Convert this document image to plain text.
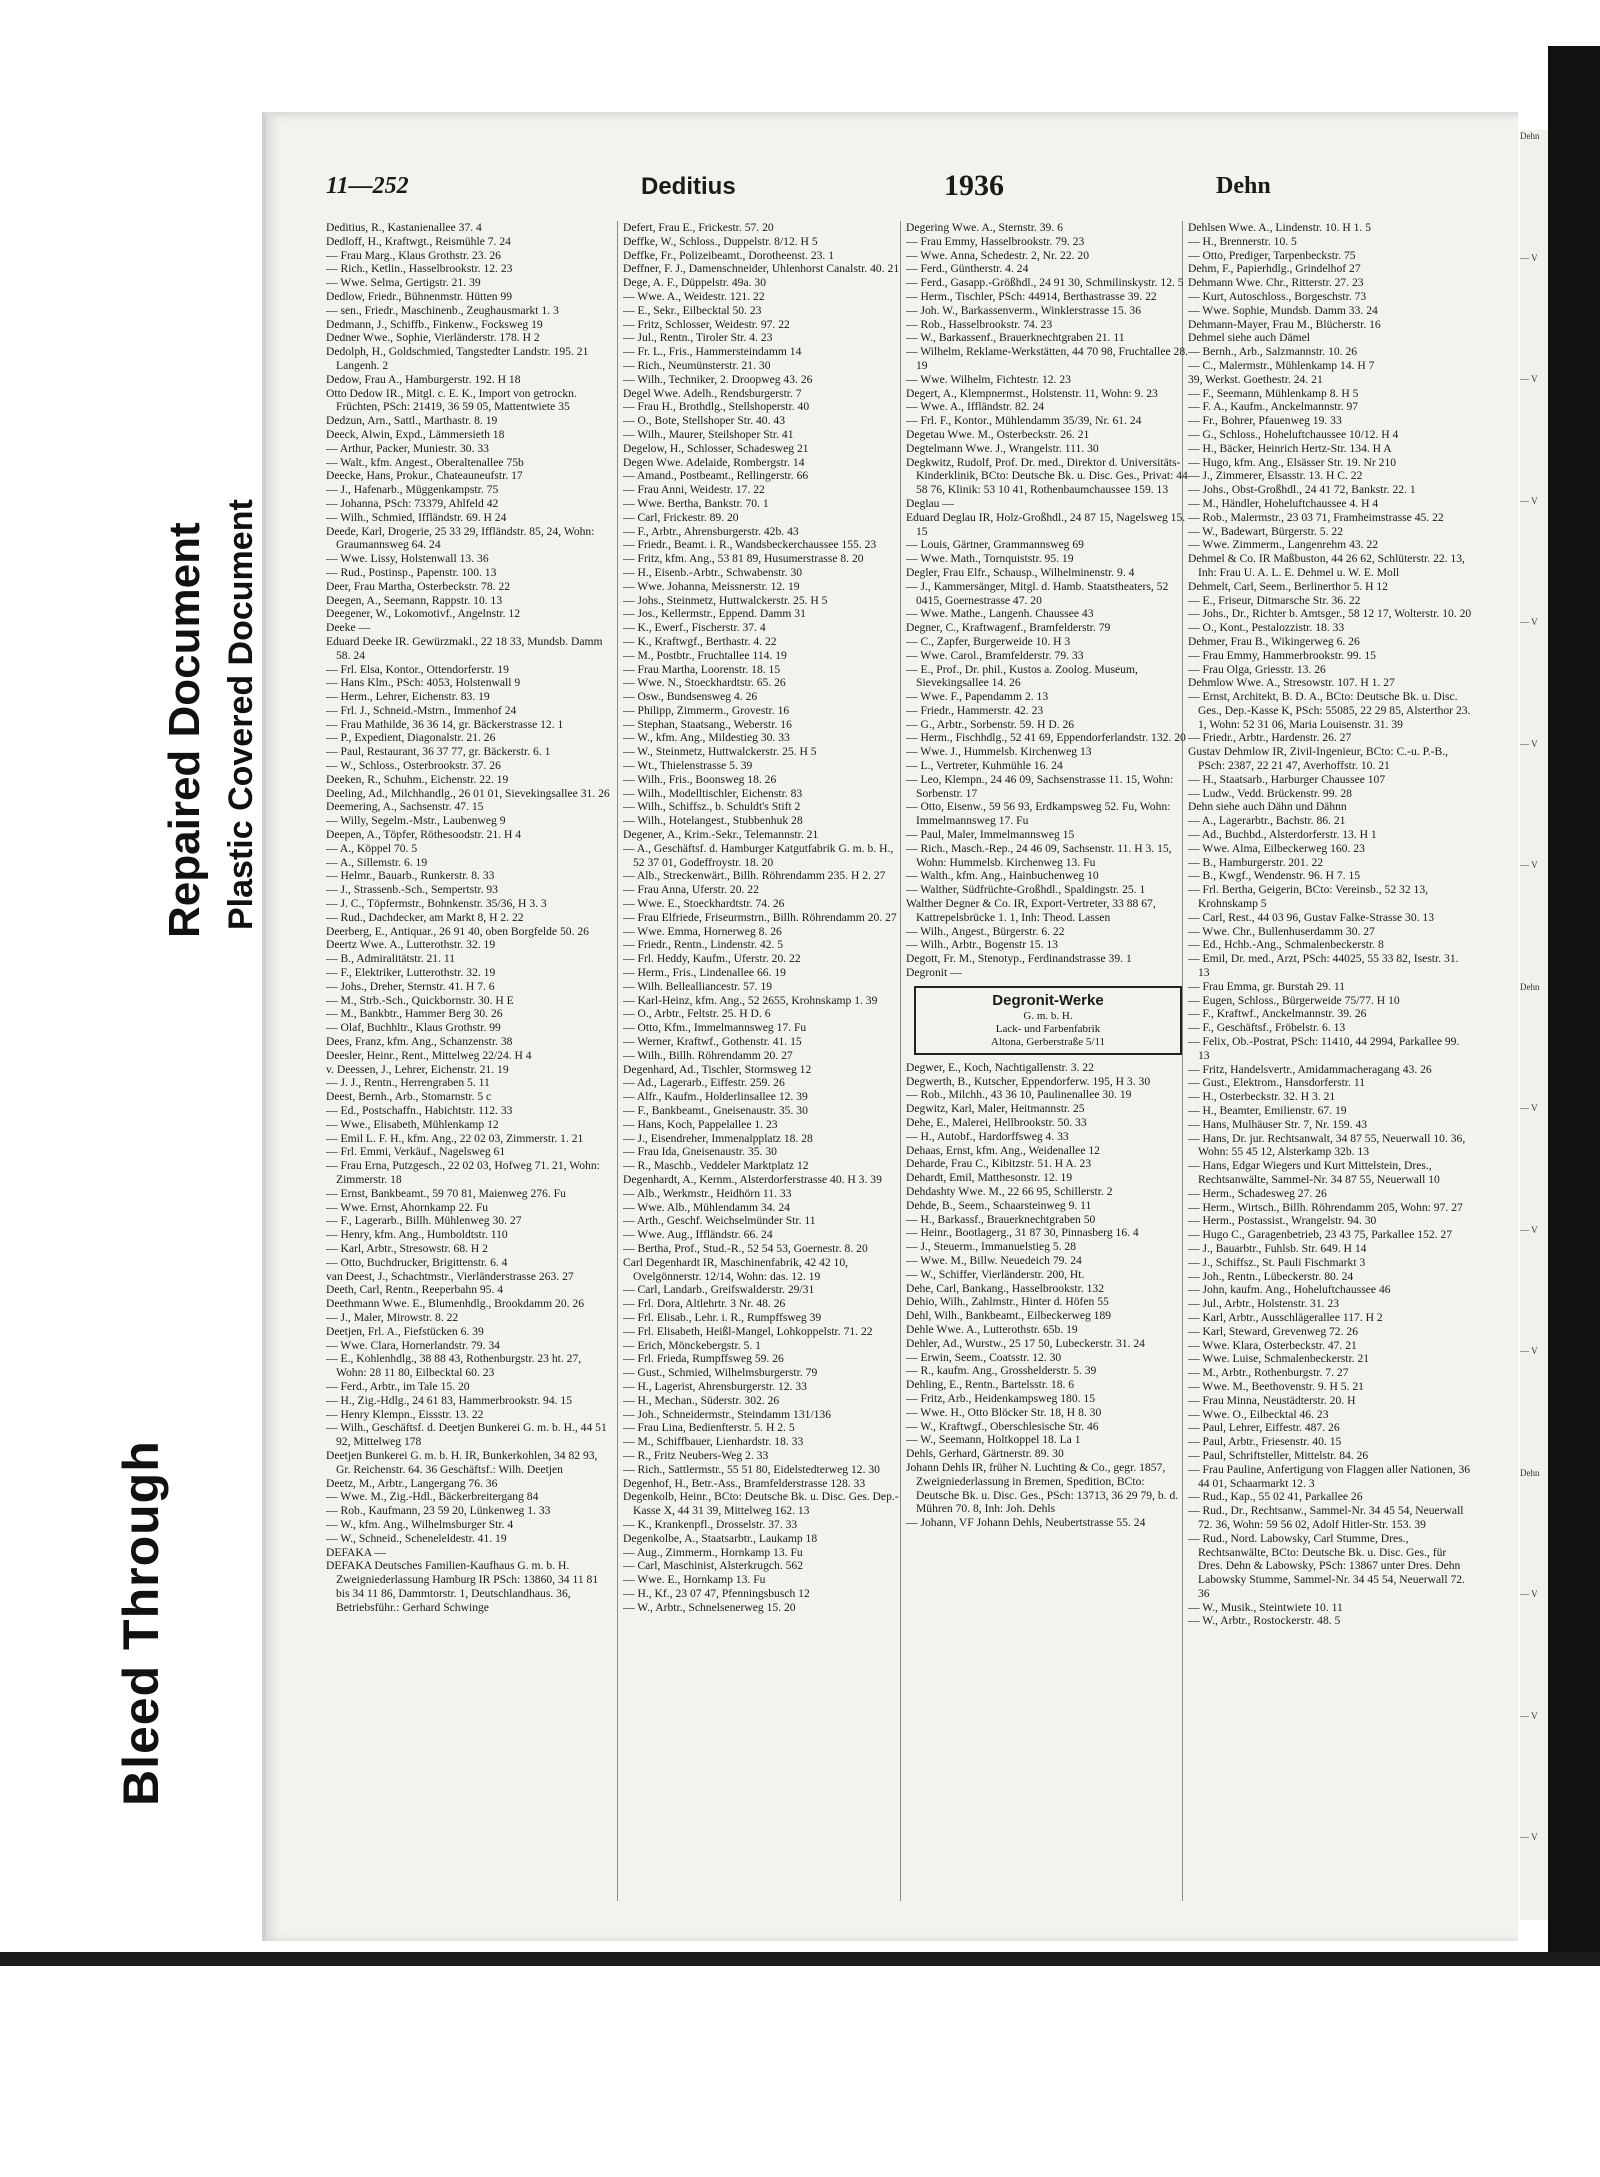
Bleed Through
Repaired Document Plastic Covered Document
11—252	Deditius	1936	Dehn

Deditius, R., Kastanienallee 37. 4

Dedloff, H., Kraftwgt., Reismühle 7. 24

— Frau Marg., Klaus Grothstr. 23. 26

— Rich., Ketlin., Hasselbrookstr. 12. 23

— Wwe. Selma, Gertigstr. 21. 39

Dedlow, Friedr., Bühnenmstr. Hütten 99

— sen., Friedr., Maschinenb., Zeughausmarkt 1. 3

Dedmann, J., Schiffb., Finkenw., Focksweg 19

Dedner Wwe., Sophie, Vierländerstr. 178. H 2

Dedolph, H., Goldschmied, Tangstedter Landstr. 195. 21 Langenh. 2

Dedow, Frau A., Hamburgerstr. 192. H 18

Otto Dedow IR., Mitgl. c. E. K., Import von getrockn. Früchten, PSch: 21419, 36 59 05, Mattentwiete 35

Dedzun, Arn., Sattl., Marthastr. 8. 19

Deeck, Alwin, Expd., Lämmersieth 18

— Arthur, Packer, Muniestr. 30. 33

— Walt., kfm. Angest., Oberaltenallee 75b

Deecke, Hans, Prokur., Chateauneufstr. 17

— J., Hafenarb., Müggenkampstr. 75

— Johanna, PSch: 73379, Ahlfeld 42

— Wilh., Schmied, Iffländstr. 69. H 24

Deede, Karl, Drogerie, 25 33 29, Iffländstr. 85, 24, Wohn: Graumannsweg 64. 24

— Wwe. Lissy, Holstenwall 13. 36

— Rud., Postinsp., Papenstr. 100. 13

Deer, Frau Martha, Osterbeckstr. 78. 22

Deegen, A., Seemann, Rappstr. 10. 13

Deegener, W., Lokomotivf., Angelnstr. 12

Deeke —

Eduard Deeke IR. Gewürzmakl., 22 18 33, Mundsb. Damm 58. 24

— Frl. Elsa, Kontor., Ottendorferstr. 19

— Hans Klm., PSch: 4053, Holstenwall 9

— Herm., Lehrer, Eichenstr. 83. 19

— Frl. J., Schneid.-Mstrn., Immenhof 24

— Frau Mathilde, 36 36 14, gr. Bäckerstrasse 12. 1

— P., Expedient, Diagonalstr. 21. 26

— Paul, Restaurant, 36 37 77, gr. Bäckerstr. 6. 1

— W., Schloss., Osterbrookstr. 37. 26

Deeken, R., Schuhm., Eichenstr. 22. 19

Deeling, Ad., Milchhandlg., 26 01 01, Sievekingsallee 31. 26

Deemering, A., Sachsenstr. 47. 15

— Willy, Segelm.-Mstr., Laubenweg 9

Deepen, A., Töpfer, Röthesoodstr. 21. H 4

— A., Köppel 70. 5

— A., Sillemstr. 6. 19

— Helmr., Bauarb., Runkerstr. 8. 33

— J., Strassenb.-Sch., Sempertstr. 93

— J. C., Töpfermstr., Bohnkenstr. 35/36, H 3. 3

— Rud., Dachdecker, am Markt 8, H 2. 22

Deerberg, E., Antiquar., 26 91 40, oben Borgfelde 50. 26

Deertz Wwe. A., Lutterothstr. 32. 19

— B., Admiralitätstr. 21. 11

— F., Elektriker, Lutterothstr. 32. 19

— Johs., Dreher, Sternstr. 41. H 7. 6

— M., Strb.-Sch., Quickbornstr. 30. H E

— M., Bankbtr., Hammer Berg 30. 26

— Olaf, Buchhltr., Klaus Grothstr. 99

Dees, Franz, kfm. Ang., Schanzenstr. 38

Deesler, Heinr., Rent., Mittelweg 22/24. H 4

v. Deessen, J., Lehrer, Eichenstr. 21. 19

— J. J., Rentn., Herrengraben 5. 11

Deest, Bernh., Arb., Stomarnstr. 5 c

— Ed., Postschaffn., Habichtstr. 112. 33

— Wwe., Elisabeth, Mühlenkamp 12

— Emil L. F. H., kfm. Ang., 22 02 03, Zimmerstr. 1. 21

— Frl. Emmi, Verkäuf., Nagelsweg 61

— Frau Erna, Putzgesch., 22 02 03, Hofweg 71. 21, Wohn: Zimmerstr. 18

— Ernst, Bankbeamt., 59 70 81, Maienweg 276. Fu

— Wwe. Ernst, Ahornkamp 22. Fu

— F., Lagerarb., Billh. Mühlenweg 30. 27

— Henry, kfm. Ang., Humboldtstr. 110

— Karl, Arbtr., Stresowstr. 68. H 2

— Otto, Buchdrucker, Brigittenstr. 6. 4

van Deest, J., Schachtmstr., Vierländerstrasse 263. 27

Deeth, Carl, Rentn., Reeperbahn 95. 4

Deethmann Wwe. E., Blumenhdlg., Brookdamm 20. 26

— J., Maler, Mirowstr. 8. 22

Deetjen, Frl. A., Fiefstücken 6. 39

— Wwe. Clara, Hornerlandstr. 79. 34

— E., Kohlenhdlg., 38 88 43, Rothenburgstr. 23 ht. 27, Wohn: 28 11 80, Eilbecktal 60. 23

— Ferd., Arbtr., im Tale 15. 20

— H., Zig.-Hdlg., 24 61 83, Hammerbrookstr. 94. 15

— Henry Klempn., Eissstr. 13. 22

— Wilh., Geschäftsf. d. Deetjen Bunkerei G. m. b. H., 44 51 92, Mittelweg 178

Deetjen Bunkerei G. m. b. H. IR, Bunkerkohlen, 34 82 93, Gr. Reichenstr. 64. 36 Geschäftsf.: Wilh. Deetjen

Deetz, M., Arbtr., Langergang 76. 36

— Wwe. M., Zig.-Hdl., Bäckerbreitergang 84

— Rob., Kaufmann, 23 59 20, Lünkenweg 1. 33

— W., kfm. Ang., Wilhelmsburger Str. 4

— W., Schneid., Scheneleldestr. 41. 19

DEFAKA —

DEFAKA Deutsches Familien-Kaufhaus G. m. b. H. Zweigniederlassung Hamburg IR PSch: 13860, 34 11 81 bis 34 11 86, Dammtorstr. 1, Deutschlandhaus. 36, Betriebsführ.: Gerhard Schwinge

Defert, Frau E., Frickestr. 57. 20

Deffke, W., Schloss., Duppelstr. 8/12. H 5

Deffke, Fr., Polizeibeamt., Dorotheenst. 23. 1

Deffner, F. J., Damenschneider, Uhlenhorst Canalstr. 40. 21

Dege, A. F., Düppelstr. 49a. 30

— Wwe. A., Weidestr. 121. 22

— E., Sekr., Eilbecktal 50. 23

— Fritz, Schlosser, Weidestr. 97. 22

— Jul., Rentn., Tiroler Str. 4. 23

— Fr. L., Fris., Hammersteindamm 14

— Rich., Neumünsterstr. 21. 30

— Wilh., Techniker, 2. Droopweg 43. 26

Degel Wwe. Adelh., Rendsburgerstr. 7

— Frau H., Brothdlg., Stellshoperstr. 40

— O., Bote, Stellshoper Str. 40. 43

— Wilh., Maurer, Steilshoper Str. 41

Degelow, H., Schlosser, Schadesweg 21

Degen Wwe. Adelaide, Rombergstr. 14

— Amand., Postbeamt., Rellingerstr. 66

— Frau Anni, Weidestr. 17. 22

— Wwe. Bertha, Bankstr. 70. 1

— Carl, Frickestr. 89. 20

— F., Arbtr., Ahrensburgerstr. 42b. 43

— Friedr., Beamt. i. R., Wandsbeckerchaussee 155. 23

— Fritz, kfm. Ang., 53 81 89, Husumerstrasse 8. 20

— H., Eisenb.-Arbtr., Schwabenstr. 30

— Wwe. Johanna, Meissnerstr. 12. 19

— Johs., Steinmetz, Huttwalckerstr. 25. H 5

— Jos., Kellermstr., Eppend. Damm 31

— K., Ewerf., Fischerstr. 37. 4

— K., Kraftwgf., Berthastr. 4. 22

— M., Postbtr., Fruchtallee 114. 19

— Frau Martha, Loorenstr. 18. 15

— Wwe. N., Stoeckhardtstr. 65. 26

— Osw., Bundsensweg 4. 26

— Philipp, Zimmerm., Grovestr. 16

— Stephan, Staatsang., Weberstr. 16

— W., kfm. Ang., Mildestieg 30. 33

— W., Steinmetz, Huttwalckerstr. 25. H 5

— Wt., Thielenstrasse 5. 39

— Wilh., Fris., Boonsweg 18. 26

— Wilh., Modelltischler, Eichenstr. 83

— Wilh., Schiffsz., b. Schuldt's Stift 2

— Wilh., Hotelangest., Stubbenhuk 28

Degener, A., Krim.-Sekr., Telemannstr. 21

— A., Geschäftsf. d. Hamburger Katgutfabrik G. m. b. H., 52 37 01, Godeffroystr. 18. 20

— Alb., Streckenwärt., Billh. Röhrendamm 235. H 2. 27

— Frau Anna, Uferstr. 20. 22

— Wwe. E., Stoeckhardtstr. 74. 26

— Frau Elfriede, Friseurmstrn., Billh. Röhrendamm 20. 27

— Wwe. Emma, Hornerweg 8. 26

— Friedr., Rentn., Lindenstr. 42. 5

— Frl. Heddy, Kaufm., Uferstr. 20. 22

— Herm., Fris., Lindenallee 66. 19

— Wilh. Bellealliancestr. 57. 19

— Karl-Heinz, kfm. Ang., 52 2655, Krohnskamp 1. 39

— O., Arbtr., Feltstr. 25. H D. 6

— Otto, Kfm., Immelmannsweg 17. Fu

— Werner, Kraftwf., Gothenstr. 41. 15

— Wilh., Billh. Röhrendamm 20. 27

Degenhard, Ad., Tischler, Stormsweg 12

— Ad., Lagerarb., Eiffestr. 259. 26

— Alfr., Kaufm., Holderlinsallee 12. 39

— F., Bankbeamt., Gneisenaustr. 35. 30

— Hans, Koch, Pappelallee 1. 23

— J., Eisendreher, Immenalpplatz 18. 28

— Frau Ida, Gneisenaustr. 35. 30

— R., Maschb., Veddeler Marktplatz 12

Degenhardt, A., Kernm., Alsterdorferstrasse 40. H 3. 39

— Alb., Werkmstr., Heidhörn 11. 33

— Wwe. Alb., Mühlendamm 34. 24

— Arth., Geschf. Weichselmünder Str. 11

— Wwe. Aug., Iffländstr. 66. 24

— Bertha, Prof., Stud.-R., 52 54 53, Goernestr. 8. 20

Carl Degenhardt IR, Maschinenfabrik, 42 42 10, Ovelgönnerstr. 12/14, Wohn: das. 12. 19

— Carl, Landarb., Greifswalderstr. 29/31

— Frl. Dora, Altlehrtr. 3 Nr. 48. 26

— Frl. Elisab., Lehr. i. R., Rumpffsweg 39

— Frl. Elisabeth, Heißl-Mangel, Lohkoppelstr. 71. 22

— Erich, Mönckebergstr. 5. 1

— Frl. Frieda, Rumpffsweg 59. 26

— Gust., Schmied, Wilhelmsburgerstr. 79

— H., Lagerist, Ahrensburgerstr. 12. 33

— H., Mechan., Süderstr. 302. 26

— Joh., Schneidermstr., Steindamm 131/136

— Frau Lina, Bedienfterstr. 5. H 2. 5

— M., Schiffbauer, Lienhardstr. 18. 33

— R., Fritz Neubers-Weg 2. 33

— Rich., Sattlermstr., 55 51 80, Eidelstedterweg 12. 30

Degenhof, H., Betr.-Ass., Bramfelderstrasse 128. 33

Degenkolb, Heinr., BCto: Deutsche Bk. u. Disc. Ges. Dep.-Kasse X, 44 31 39, Mittelweg 162. 13

— K., Krankenpfl., Drosselstr. 37. 33

Degenkolbe, A., Staatsarbtr., Laukamp 18

— Aug., Zimmerm., Hornkamp 13. Fu

— Carl, Maschinist, Alsterkrugch. 562

— Wwe. E., Hornkamp 13. Fu

— H., Kf., 23 07 47, Pfenningsbusch 12

— W., Arbtr., Schnelsenerweg 15. 20

Degering Wwe. A., Sternstr. 39. 6

— Frau Emmy, Hasselbrookstr. 79. 23

— Wwe. Anna, Schedestr. 2, Nr. 22. 20

— Ferd., Güntherstr. 4. 24

— Ferd., Gasapp.-Größhdl., 24 91 30, Schmilinskystr. 12. 5

— Herm., Tischler, PSch: 44914, Berthastrasse 39. 22

— Joh. W., Barkassenverm., Winklerstrasse 15. 36

— Rob., Hasselbrookstr. 74. 23

— W., Barkassenf., Brauerknechtgraben 21. 11

— Wilhelm, Reklame-Werkstätten, 44 70 98, Fruchtallee 28. 19

— Wwe. Wilhelm, Fichtestr. 12. 23

Degert, A., Klempnermst., Holstenstr. 11, Wohn: 9. 23

— Wwe. A., Iffländstr. 82. 24

— Frl. F., Kontor., Mühlendamm 35/39, Nr. 61. 24

Degetau Wwe. M., Osterbeckstr. 26. 21

Degtelmann Wwe. J., Wrangelstr. 111. 30

Degkwitz, Rudolf, Prof. Dr. med., Direktor d. Universitäts-Kinderklinik, BCto: Deutsche Bk. u. Disc. Ges., Privat: 44 58 76, Klinik: 53 10 41, Rothenbaumchaussee 159. 13

Deglau —

Eduard Deglau IR, Holz-Großhdl., 24 87 15, Nagelsweg 15. 15

— Louis, Gärtner, Grammannsweg 69

— Wwe. Math., Tornquiststr. 95. 19

Degler, Frau Elfr., Schausp., Wilhelminenstr. 9. 4

— J., Kammersänger, Mitgl. d. Hamb. Staatstheaters, 52 0415, Goernestrasse 47. 20

— Wwe. Mathe., Langenh. Chaussee 43

Degner, C., Kraftwagenf., Bramfelderstr. 79

— C., Zapfer, Burgerweide 10. H 3

— Wwe. Carol., Bramfelderstr. 79. 33

— E., Prof., Dr. phil., Kustos a. Zoolog. Museum, Sievekingsallee 14. 26

— Wwe. F., Papendamm 2. 13

— Friedr., Hammerstr. 42. 23

— G., Arbtr., Sorbenstr. 59. H D. 26

— Herm., Fischhdlg., 52 41 69, Eppendorferlandstr. 132. 20

— Wwe. J., Hummelsb. Kirchenweg 13

— L., Vertreter, Kuhmühle 16. 24

— Leo, Klempn., 24 46 09, Sachsenstrasse 11. 15, Wohn: Sorbenstr. 17

— Otto, Eisenw., 59 56 93, Erdkampsweg 52. Fu, Wohn: Immelmannsweg 17. Fu

— Paul, Maler, Immelmannsweg 15

— Rich., Masch.-Rep., 24 46 09, Sachsenstr. 11. H 3. 15, Wohn: Hummelsb. Kirchenweg 13. Fu

— Walth., kfm. Ang., Hainbuchenweg 10

— Walther, Südfrüchte-Großhdl., Spaldingstr. 25. 1

Walther Degner & Co. IR, Export-Vertreter, 33 88 67, Kattrepelsbrücke 1. 1, Inh: Theod. Lassen

— Wilh., Angest., Bürgerstr. 6. 22

— Wilh., Arbtr., Bogenstr 15. 13

Degott, Fr. M., Stenotyp., Ferdinandstrasse 39. 1

Degronit —

Degronit-Werke
G. m. b. H.
Lack- und Farbenfabrik
Altona, Gerberstraße 5/11

Degwer, E., Koch, Nachtigallenstr. 3. 22

Degwerth, B., Kutscher, Eppendorferw. 195, H 3. 30

— Rob., Milchh., 43 36 10, Paulinenallee 30. 19

Degwitz, Karl, Maler, Heitmannstr. 25

Dehe, E., Malerei, Hellbrookstr. 50. 33

— H., Autobf., Hardorffsweg 4. 33

Dehaas, Ernst, kfm. Ang., Weidenallee 12

Deharde, Frau C., Kibitzstr. 51. H A. 23

Dehardt, Emil, Matthesonstr. 12. 19

Dehdashty Wwe. M., 22 66 95, Schillerstr. 2

Dehde, B., Seem., Schaarsteinweg 9. 11

— H., Barkassf., Brauerknechtgraben 50

— Heinr., Bootlagerg., 31 87 30, Pinnasberg 16. 4

— J., Steuerm., Immanuelstieg 5. 28

— Wwe. M., Billw. Neuedeich 79. 24

— W., Schiffer, Vierländerstr. 200, Ht.

Dehe, Carl, Bankang., Hasselbrookstr. 132

Dehio, Wilh., Zahlmstr., Hinter d. Höfen 55

Dehl, Wilh., Bankbeamt., Eilbeckerweg 189

Dehle Wwe. A., Lutterothstr. 65b. 19

Dehler, Ad., Wurstw., 25 17 50, Lubeckerstr. 31. 24

— Erwin, Seem., Coatsstr. 12. 30

— R., kaufm. Ang., Grosshelderstr. 5. 39

Dehling, E., Rentn., Bartelsstr. 18. 6

— Fritz, Arb., Heidenkampsweg 180. 15

— Wwe. H., Otto Blöcker Str. 18, H 8. 30

— W., Kraftwgf., Oberschlesische Str. 46

— W., Seemann, Holtkoppel 18. La 1

Dehls, Gerhard, Gärtnerstr. 89. 30

Johann Dehls IR, früher N. Luchting & Co., gegr. 1857, Zweigniederlassung in Bremen, Spedition, BCto: Deutsche Bk. u. Disc. Ges., PSch: 13713, 36 29 79, b. d. Mühren 70. 8, Inh: Joh. Dehls

— Johann, VF Johann Dehls, Neubertstrasse 55. 24

Dehlsen Wwe. A., Lindenstr. 10. H 1. 5

— H., Brennerstr. 10. 5

— Otto, Prediger, Tarpenbeckstr. 75

Dehm, F., Papierhdlg., Grindelhof 27

Dehmann Wwe. Chr., Ritterstr. 27. 23

— Kurt, Autoschloss., Borgeschstr. 73

— Wwe. Sophie, Mundsb. Damm 33. 24

Dehmann-Mayer, Frau M., Blücherstr. 16

Dehmel siehe auch Dämel

— Bernh., Arb., Salzmannstr. 10. 26

— C., Malermstr., Mühlenkamp 14. H 7

39, Werkst. Goethestr. 24. 21

— F., Seemann, Mühlenkamp 8. H 5

— F. A., Kaufm., Anckelmannstr. 97

— Fr., Bohrer, Pfauenweg 19. 33

— G., Schloss., Hoheluftchaussee 10/12. H 4

— H., Bäcker, Heinrich Hertz-Str. 134. H A

— Hugo, kfm. Ang., Elsässer Str. 19. Nr 210

— J., Zimmerer, Elsasstr. 13. H C. 22

— Johs., Obst-Großhdl., 24 41 72, Bankstr. 22. 1

— M., Händler, Hoheluftchaussee 4. H 4

— Rob., Malermstr., 23 03 71, Framheimstrasse 45. 22

— W., Badewart, Bürgerstr. 5. 22

— Wwe. Zimmerm., Langenrehm 43. 22

Dehmel & Co. IR Maßbuston, 44 26 62, Schlüterstr. 22. 13, Inh: Frau U. A. L. E. Dehmel u. W. E. Moll

Dehmelt, Carl, Seem., Berlinerthor 5. H 12

— E., Friseur, Ditmarsche Str. 36. 22

— Johs., Dr., Richter b. Amtsger., 58 12 17, Wolterstr. 10. 20

— O., Kont., Pestalozzistr. 18. 33

Dehmer, Frau B., Wikingerweg 6. 26

— Frau Emmy, Hammerbrookstr. 99. 15

— Frau Olga, Griesstr. 13. 26

Dehmlow Wwe. A., Stresowstr. 107. H 1. 27

— Ernst, Architekt, B. D. A., BCto: Deutsche Bk. u. Disc. Ges., Dep.-Kasse K, PSch: 55085, 22 29 85, Alsterthor 23. 1, Wohn: 52 31 06, Maria Louisenstr. 31. 39

— Friedr., Arbtr., Hardenstr. 26. 27

Gustav Dehmlow IR, Zivil-Ingenieur, BCto: C.-u. P.-B., PSch: 2387, 22 21 47, Averhoffstr. 10. 21

— H., Staatsarb., Harburger Chaussee 107

— Ludw., Vedd. Brückenstr. 99. 28

Dehn siehe auch Dähn und Dähnn

— A., Lagerarbtr., Bachstr. 86. 21

— Ad., Buchbd., Alsterdorferstr. 13. H 1

— Wwe. Alma, Eilbeckerweg 160. 23

— B., Hamburgerstr. 201. 22

— B., Kwgf., Wendenstr. 96. H 7. 15

— Frl. Bertha, Geigerin, BCto: Vereinsb., 52 32 13, Krohnskamp 5

— Carl, Rest., 44 03 96, Gustav Falke-Strasse 30. 13

— Wwe. Chr., Bullenhuserdamm 30. 27

— Ed., Hchb.-Ang., Schmalenbeckerstr. 8

— Emil, Dr. med., Arzt, PSch: 44025, 55 33 82, Isestr. 31. 13

— Frau Emma, gr. Burstah 29. 11

— Eugen, Schloss., Bürgerweide 75/77. H 10

— F., Kraftwf., Anckelmannstr. 39. 26

— F., Geschäftsf., Fröbelstr. 6. 13

— Felix, Ob.-Postrat, PSch: 11410, 44 2994, Parkallee 99. 13

— Fritz, Handelsvertr., Amidammacheragang 43. 26

— Gust., Elektrom., Hansdorferstr. 11

— H., Osterbeckstr. 32. H 3. 21

— H., Beamter, Emilienstr. 67. 19

— Hans, Mulhäuser Str. 7, Nr. 159. 43

— Hans, Dr. jur. Rechtsanwalt, 34 87 55, Neuerwall 10. 36, Wohn: 55 45 12, Alsterkamp 32b. 13

— Hans, Edgar Wiegers und Kurt Mittelstein, Dres., Rechtsanwälte, Sammel-Nr. 34 87 55, Neuerwall 10

— Herm., Schadesweg 27. 26

— Herm., Wirtsch., Billh. Röhrendamm 205, Wohn: 97. 27

— Herm., Postassist., Wrangelstr. 94. 30

— Hugo C., Garagenbetrieb, 23 43 75, Parkallee 152. 27

— J., Bauarbtr., Fuhlsb. Str. 649. H 14

— J., Schiffsz., St. Pauli Fischmarkt 3

— Joh., Rentn., Lübeckerstr. 80. 24

— John, kaufm. Ang., Hoheluftchaussee 46

— Jul., Arbtr., Holstenstr. 31. 23

— Karl, Arbtr., Ausschlägerallee 117. H 2

— Karl, Steward, Grevenweg 72. 26

— Wwe. Klara, Osterbeckstr. 47. 21

— Wwe. Luise, Schmalenbeckerstr. 21

— M., Arbtr., Rothenburgstr. 7. 27

— Wwe. M., Beethovenstr. 9. H 5. 21

— Frau Minna, Neustädterstr. 20. H

— Wwe. O., Eilbecktal 46. 23

— Paul, Lehrer, Eiffestr. 487. 26

— Paul, Arbtr., Friesenstr. 40. 15

— Paul, Schriftsteller, Mittelstr. 84. 26

— Frau Pauline, Anfertigung von Flaggen aller Nationen, 36 44 01, Schaarmarkt 12. 3

— Rud., Kap., 55 02 41, Parkallee 26

— Rud., Dr., Rechtsanw., Sammel-Nr. 34 45 54, Neuerwall 72. 36, Wohn: 59 56 02, Adolf Hitler-Str. 153. 39

— Rud., Nord. Labowsky, Carl Stumme, Dres., Rechtsanwälte, BCto: Deutsche Bk. u. Disc. Ges., für Dres. Dehn & Labowsky, PSch: 13867 unter Dres. Dehn Labowsky Stumme, Sammel-Nr. 34 45 54, Neuerwall 72. 36

— W., Musik., Steintwiete 10. 11

— W., Arbtr., Rostockerstr. 48. 5

Dehn
— V
— V
— V
— V
— V
— V
Dehn
— V
— V
— V
Dehn
— V
— V
— V
